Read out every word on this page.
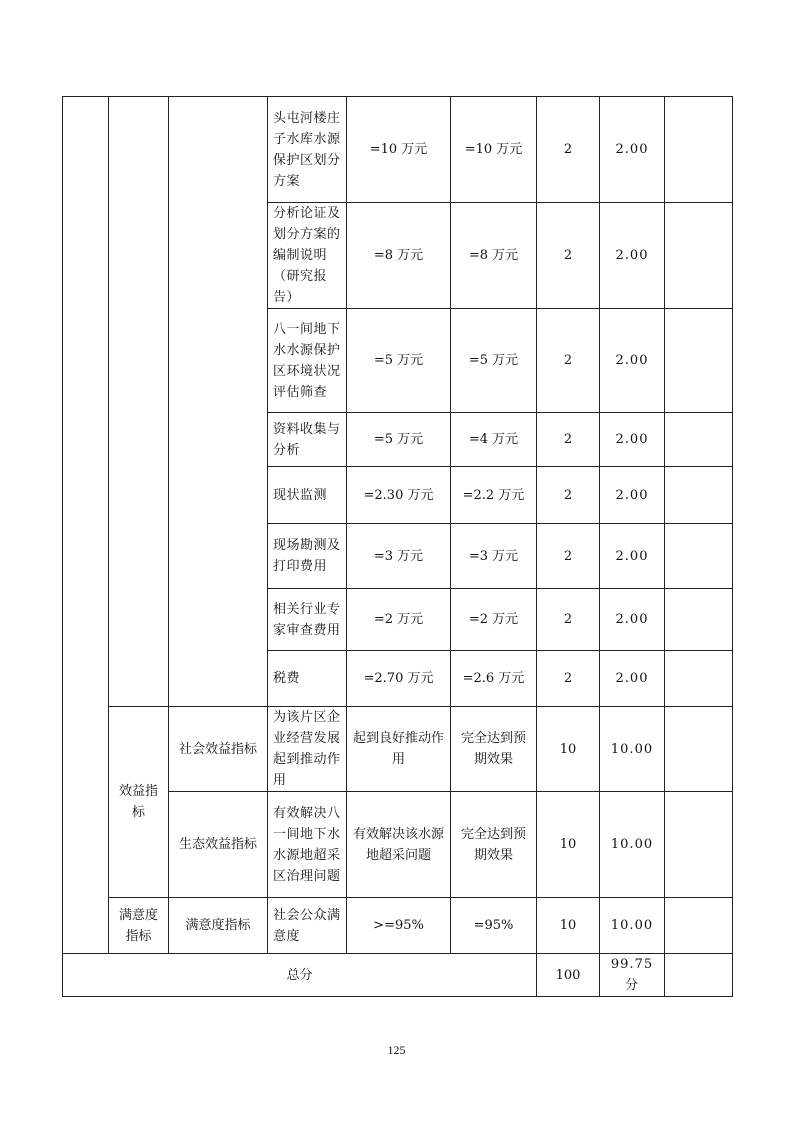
			头屯河楼庄子水库水源保护区划分方案	=10 万元	=10 万元	2	2.00	
			分析论证及划分方案的编制说明（研究报告）	=8 万元	=8 万元	2	2.00	
			八一间地下水水源保护区环境状况评估筛查	=5 万元	=5 万元	2	2.00	
			资料收集与分析	=5 万元	=4 万元	2	2.00	
			现状监测	=2.30 万元	=2.2 万元	2	2.00	
			现场勘测及打印费用	=3 万元	=3 万元	2	2.00	
			相关行业专家审查费用	=2 万元	=2 万元	2	2.00	
			税费	=2.70 万元	=2.6 万元	2	2.00	
	效益指标	社会效益指标	为该片区企业经营发展起到推动作用	起到良好推动作用	完全达到预期效果	10	10.00	
		生态效益指标	有效解决八一间地下水水源地超采区治理问题	有效解决该水源地超采问题	完全达到预期效果	10	10.00	
	满意度指标	满意度指标	社会公众满意度	>=95%	=95%	10	10.00	
总分						100	99.75 分	
125
